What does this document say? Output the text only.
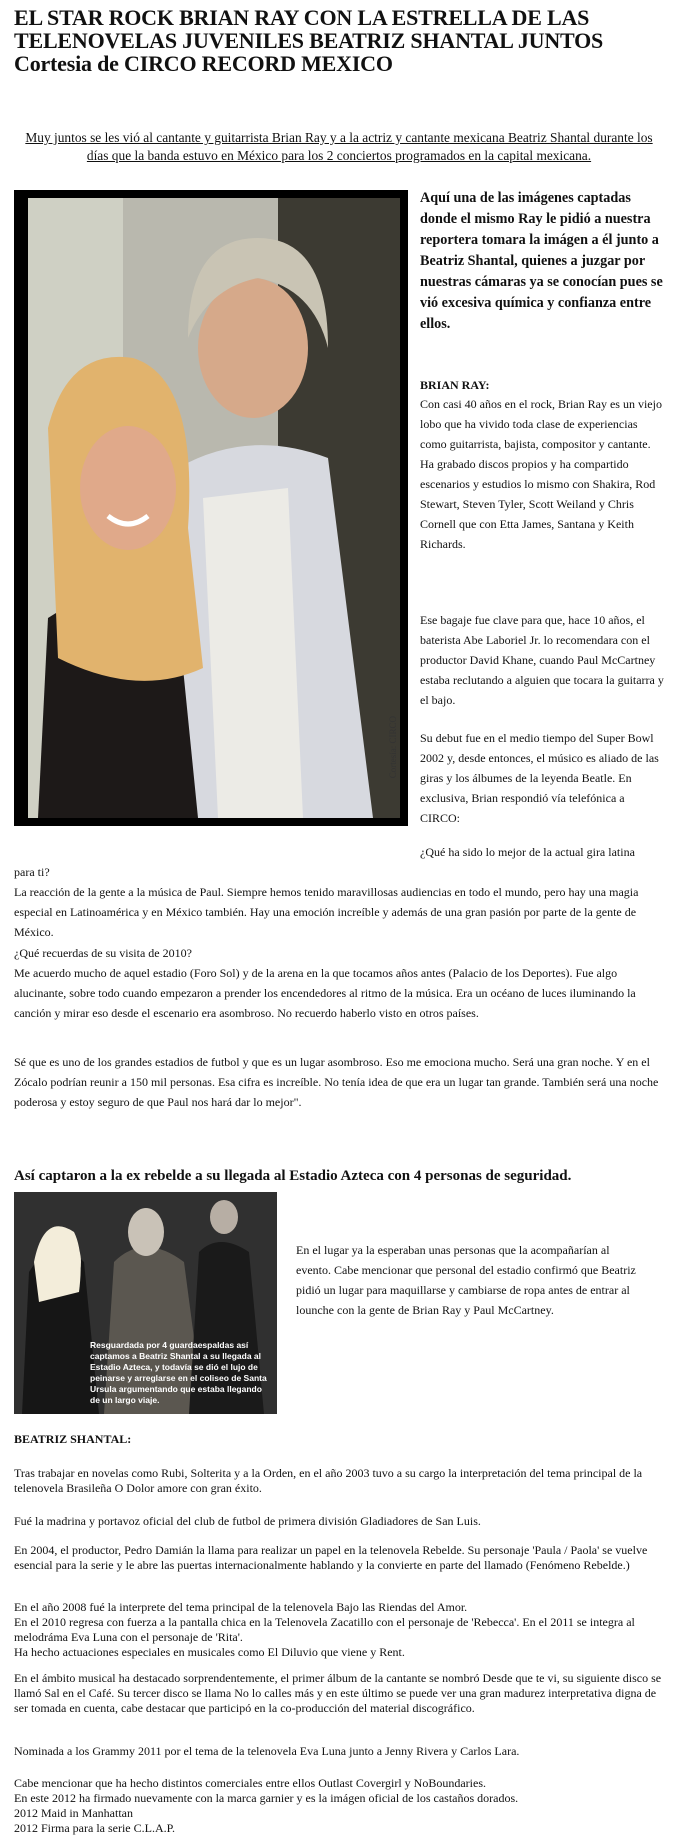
EL STAR ROCK BRIAN RAY CON LA ESTRELLA DE LAS TELENOVELAS JUVENILES BEATRIZ SHANTAL JUNTOS Cortesia de CIRCO RECORD MEXICO
Muy juntos se les vió al cantante y guitarrista Brian Ray y a la actriz y cantante mexicana Beatriz Shantal durante los días que la banda estuvo en México para los 2 conciertos programados en la capital mexicana.
Cortesía: CIRCO
Aquí una de las imágenes captadas donde el mismo Ray le pidió a nuestra reportera tomara la imágen a él junto a Beatriz Shantal, quienes a juzgar por nuestras cámaras ya se conocían pues se vió excesiva química y confianza entre ellos.
BRIAN RAY:
Con casi 40 años en el rock, Brian Ray es un viejo lobo que ha vivido toda clase de experiencias como guitarrista, bajista, compositor y cantante. Ha grabado discos propios y ha compartido escenarios y estudios lo mismo con Shakira, Rod Stewart, Steven Tyler, Scott Weiland y Chris Cornell que con Etta James, Santana y Keith Richards.
Ese bagaje fue clave para que, hace 10 años, el baterista Abe Laboriel Jr. lo recomendara con el productor David Khane, cuando Paul McCartney estaba reclutando a alguien que tocara la guitarra y el bajo.
Su debut fue en el medio tiempo del Super Bowl 2002 y, desde entonces, el músico es aliado de las giras y los álbumes de la leyenda Beatle. En exclusiva, Brian respondió vía telefónica a CIRCO:
¿Qué ha sido lo mejor de la actual gira latina
para ti?
La reacción de la gente a la música de Paul. Siempre hemos tenido maravillosas audiencias en todo el mundo, pero hay una magia especial en Latinoamérica y en México también. Hay una emoción increíble y además de una gran pasión por parte de la gente de México.
¿Qué recuerdas de su visita de 2010?
Me acuerdo mucho de aquel estadio (Foro Sol) y de la arena en la que tocamos años antes (Palacio de los Deportes). Fue algo alucinante, sobre todo cuando empezaron a prender los encendedores al ritmo de la música. Era un océano de luces iluminando la canción y mirar eso desde el escenario era asombroso. No recuerdo haberlo visto en otros países.
Sé que es uno de los grandes estadios de futbol y que es un lugar asombroso. Eso me emociona mucho. Será una gran noche. Y en el Zócalo podrían reunir a 150 mil personas. Esa cifra es increíble. No tenía idea de que era un lugar tan grande. También será una noche poderosa y estoy seguro de que Paul nos hará dar lo mejor".
Así captaron a la ex rebelde a su llegada al Estadio Azteca con 4 personas de seguridad.
Resguardada por 4 guardaespaldas así captamos a Beatriz Shantal a su llegada al Estadio Azteca, y todavía se dió el lujo de peinarse y arreglarse en el coliseo de Santa Ursula argumentando que estaba llegando de un largo viaje.
En el lugar ya la esperaban unas personas que la acompañarían al evento. Cabe mencionar que personal del estadio confirmó que Beatriz pidió un lugar para maquillarse y cambiarse de ropa antes de entrar al lounche con la gente de Brian Ray y Paul McCartney.
BEATRIZ SHANTAL:
Tras trabajar en novelas como Rubi, Solterita y a la Orden, en el año 2003 tuvo a su cargo la interpretación del tema principal de la telenovela Brasileña O Dolor amore con gran éxito.
Fué la madrina y portavoz oficial del club de futbol de primera división Gladiadores de San Luis.
En 2004, el productor, Pedro Damián la llama para realizar un papel en la telenovela Rebelde. Su personaje 'Paula / Paola' se vuelve esencial para la serie y le abre las puertas internacionalmente hablando y la convierte en parte del llamado (Fenómeno Rebelde.)
En el año 2008 fué la interprete del tema principal de la telenovela Bajo las Riendas del Amor.
En el 2010 regresa con fuerza a la pantalla chica en la Telenovela Zacatillo con el personaje de 'Rebecca'. En el 2011 se integra al melodráma Eva Luna con el personaje de 'Rita'.
Ha hecho actuaciones especiales en musicales como El Diluvio que viene y Rent.
En el ámbito musical ha destacado sorprendentemente, el primer álbum de la cantante se nombró Desde que te vi, su siguiente disco se llamó Sal en el Café. Su tercer disco se llama No lo calles más y en este último se puede ver una gran madurez interpretativa digna de ser tomada en cuenta, cabe destacar que participó en la co-producción del material discográfico.
Nominada a los Grammy 2011 por el tema de la telenovela Eva Luna junto a Jenny Rivera y Carlos Lara.
Cabe mencionar que ha hecho distintos comerciales entre ellos Outlast Covergirl y NoBoundaries.
En este 2012 ha firmado nuevamente con la marca garnier y es la imágen oficial de los castaños dorados.
2012 Maid in Manhattan
2012 Firma para la serie C.L.A.P.
